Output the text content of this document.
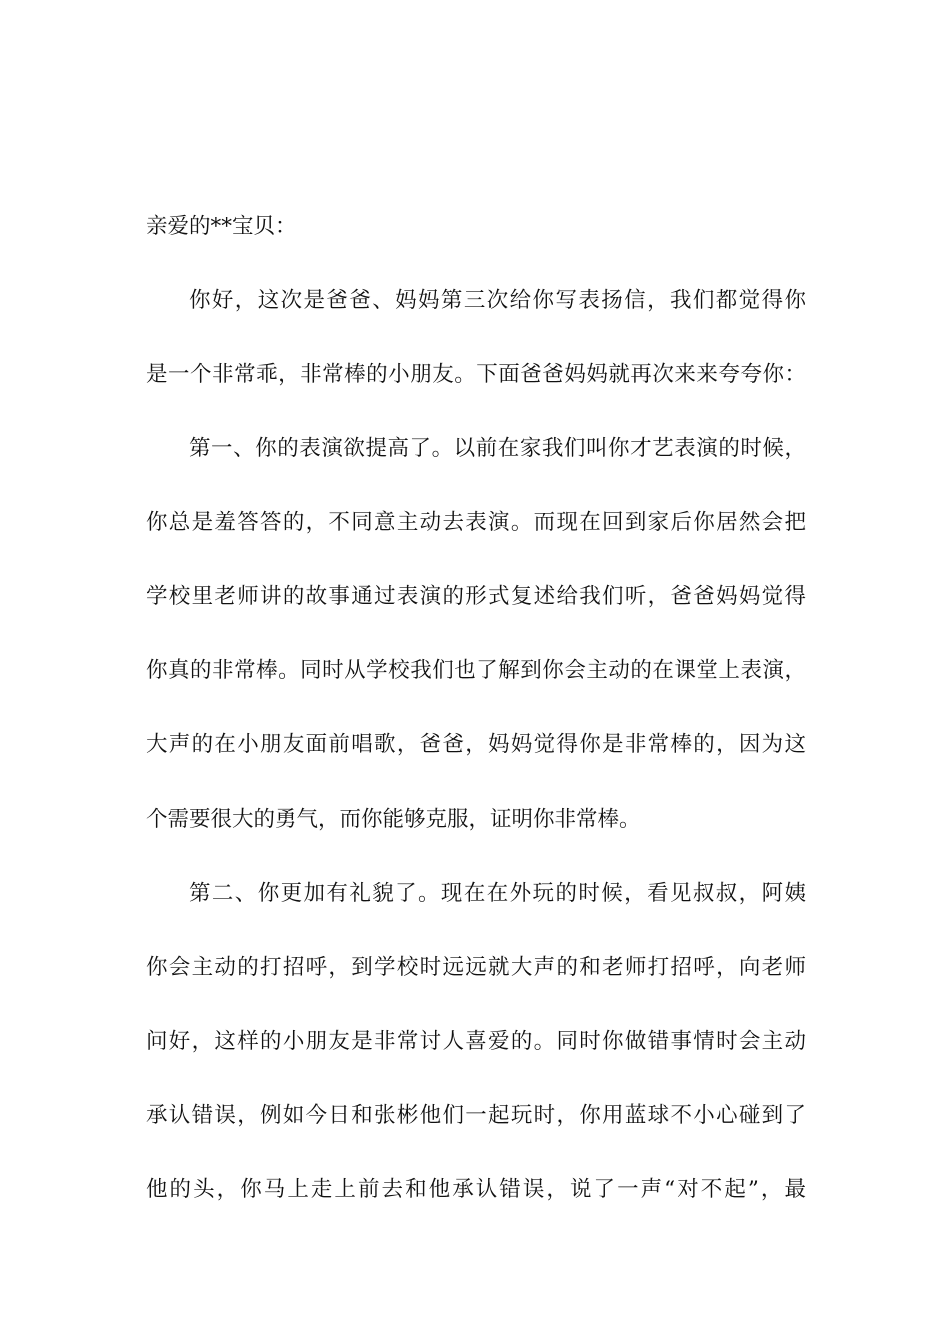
亲爱的**宝贝：
你好，这次是爸爸、妈妈第三次给你写表扬信，我们都觉得你
是一个非常乖，非常棒的小朋友。下面爸爸妈妈就再次来来夸夸你：
第一、你的表演欲提高了。以前在家我们叫你才艺表演的时候，
你总是羞答答的，不同意主动去表演。而现在回到家后你居然会把
学校里老师讲的故事通过表演的形式复述给我们听，爸爸妈妈觉得
你真的非常棒。同时从学校我们也了解到你会主动的在课堂上表演，
大声的在小朋友面前唱歌，爸爸，妈妈觉得你是非常棒的，因为这
个需要很大的勇气，而你能够克服，证明你非常棒。
第二、你更加有礼貌了。现在在外玩的时候，看见叔叔，阿姨
你会主动的打招呼，到学校时远远就大声的和老师打招呼，向老师
问好，这样的小朋友是非常讨人喜爱的。同时你做错事情时会主动
承认错误，例如今日和张彬他们一起玩时，你用蓝球不小心碰到了
他的头，你马上走上前去和他承认错误，说了一声“对不起”，最
